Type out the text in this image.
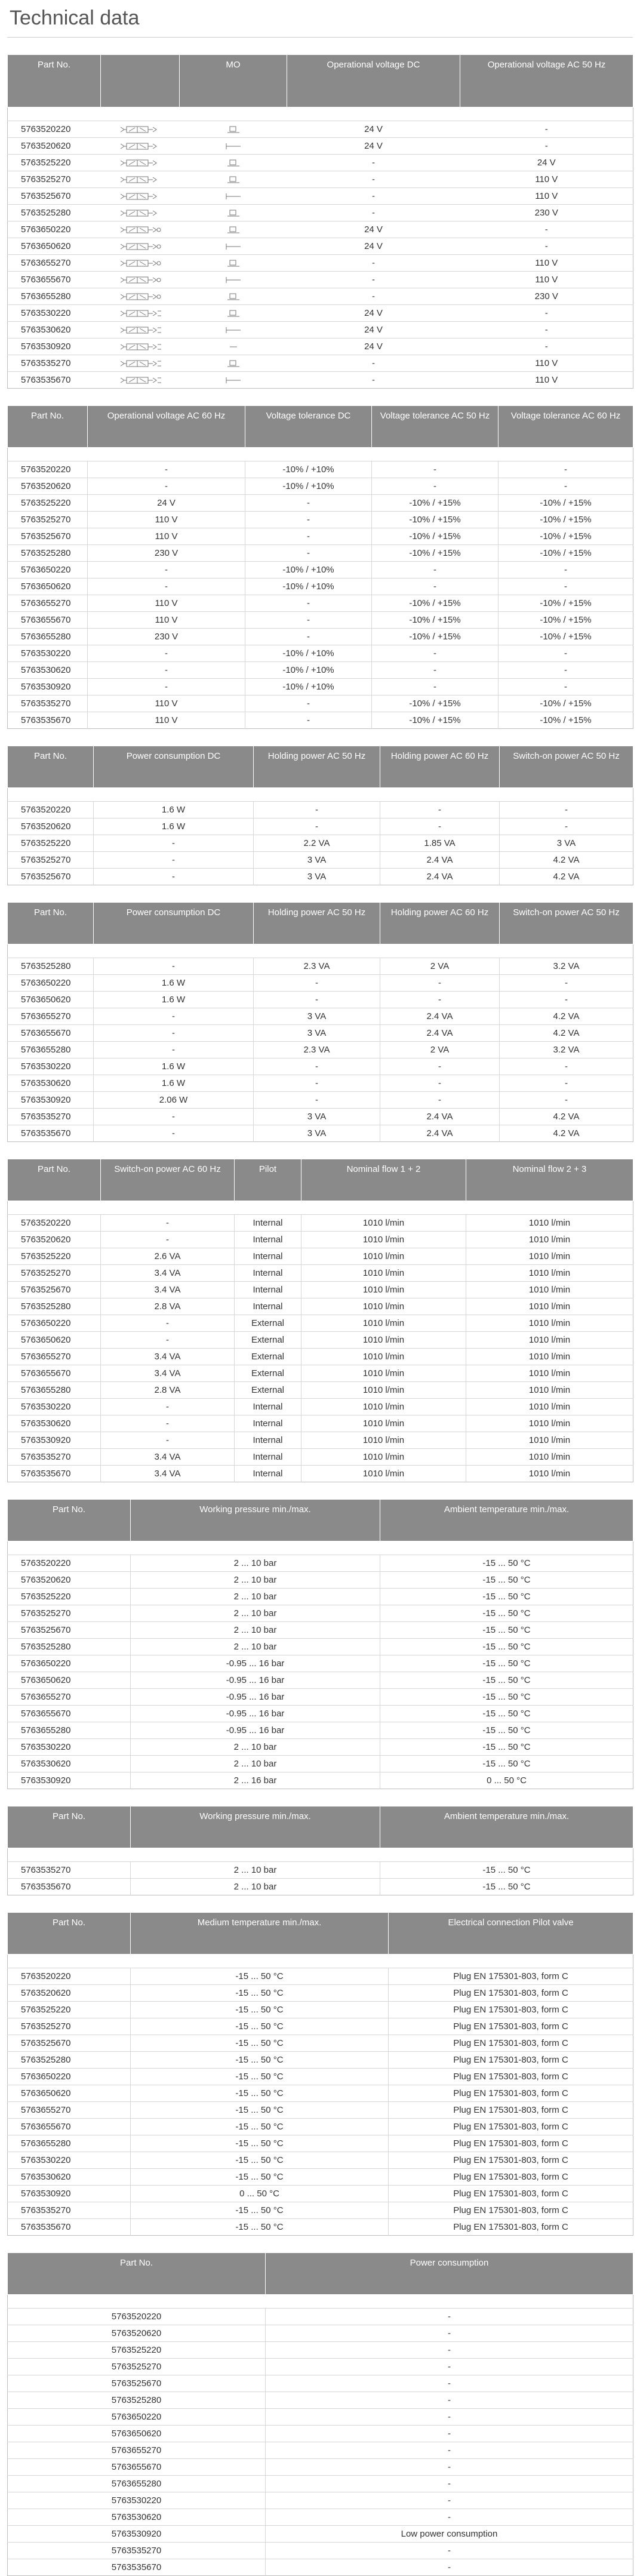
Technical data
Part No.		MO	Operational voltage DC	Operational voltage AC 50 Hz

5763520220			24 V	-
5763520620			24 V	-
5763525220			-	24 V
5763525270			-	110 V
5763525670			-	110 V
5763525280			-	230 V
5763650220			24 V	-
5763650620			24 V	-
5763655270			-	110 V
5763655670			-	110 V
5763655280			-	230 V
5763530220			24 V	-
5763530620			24 V	-
5763530920			24 V	-
5763535270			-	110 V
5763535670			-	110 V
Part No.	Operational voltage AC 60 Hz	Voltage tolerance DC	Voltage tolerance AC 50 Hz	Voltage tolerance AC 60 Hz

5763520220	-	-10% / +10%	-	-
5763520620	-	-10% / +10%	-	-
5763525220	24 V	-	-10% / +15%	-10% / +15%
5763525270	110 V	-	-10% / +15%	-10% / +15%
5763525670	110 V	-	-10% / +15%	-10% / +15%
5763525280	230 V	-	-10% / +15%	-10% / +15%
5763650220	-	-10% / +10%	-	-
5763650620	-	-10% / +10%	-	-
5763655270	110 V	-	-10% / +15%	-10% / +15%
5763655670	110 V	-	-10% / +15%	-10% / +15%
5763655280	230 V	-	-10% / +15%	-10% / +15%
5763530220	-	-10% / +10%	-	-
5763530620	-	-10% / +10%	-	-
5763530920	-	-10% / +10%	-	-
5763535270	110 V	-	-10% / +15%	-10% / +15%
5763535670	110 V	-	-10% / +15%	-10% / +15%
Part No.	Power consumption DC	Holding power AC 50 Hz	Holding power AC 60 Hz	Switch-on power AC 50 Hz

5763520220	1.6 W	-	-	-
5763520620	1.6 W	-	-	-
5763525220	-	2.2 VA	1.85 VA	3 VA
5763525270	-	3 VA	2.4 VA	4.2 VA
5763525670	-	3 VA	2.4 VA	4.2 VA
Part No.	Power consumption DC	Holding power AC 50 Hz	Holding power AC 60 Hz	Switch-on power AC 50 Hz

5763525280	-	2.3 VA	2 VA	3.2 VA
5763650220	1.6 W	-	-	-
5763650620	1.6 W	-	-	-
5763655270	-	3 VA	2.4 VA	4.2 VA
5763655670	-	3 VA	2.4 VA	4.2 VA
5763655280	-	2.3 VA	2 VA	3.2 VA
5763530220	1.6 W	-	-	-
5763530620	1.6 W	-	-	-
5763530920	2.06 W	-	-	-
5763535270	-	3 VA	2.4 VA	4.2 VA
5763535670	-	3 VA	2.4 VA	4.2 VA
Part No.	Switch-on power AC 60 Hz	Pilot	Nominal flow 1 + 2	Nominal flow 2 + 3

5763520220	-	Internal	1010 l/min	1010 l/min
5763520620	-	Internal	1010 l/min	1010 l/min
5763525220	2.6 VA	Internal	1010 l/min	1010 l/min
5763525270	3.4 VA	Internal	1010 l/min	1010 l/min
5763525670	3.4 VA	Internal	1010 l/min	1010 l/min
5763525280	2.8 VA	Internal	1010 l/min	1010 l/min
5763650220	-	External	1010 l/min	1010 l/min
5763650620	-	External	1010 l/min	1010 l/min
5763655270	3.4 VA	External	1010 l/min	1010 l/min
5763655670	3.4 VA	External	1010 l/min	1010 l/min
5763655280	2.8 VA	External	1010 l/min	1010 l/min
5763530220	-	Internal	1010 l/min	1010 l/min
5763530620	-	Internal	1010 l/min	1010 l/min
5763530920	-	Internal	1010 l/min	1010 l/min
5763535270	3.4 VA	Internal	1010 l/min	1010 l/min
5763535670	3.4 VA	Internal	1010 l/min	1010 l/min
Part No.	Working pressure min./max.	Ambient temperature min./max.

5763520220	2 ... 10 bar	-15 ... 50 °C
5763520620	2 ... 10 bar	-15 ... 50 °C
5763525220	2 ... 10 bar	-15 ... 50 °C
5763525270	2 ... 10 bar	-15 ... 50 °C
5763525670	2 ... 10 bar	-15 ... 50 °C
5763525280	2 ... 10 bar	-15 ... 50 °C
5763650220	-0.95 ... 16 bar	-15 ... 50 °C
5763650620	-0.95 ... 16 bar	-15 ... 50 °C
5763655270	-0.95 ... 16 bar	-15 ... 50 °C
5763655670	-0.95 ... 16 bar	-15 ... 50 °C
5763655280	-0.95 ... 16 bar	-15 ... 50 °C
5763530220	2 ... 10 bar	-15 ... 50 °C
5763530620	2 ... 10 bar	-15 ... 50 °C
5763530920	2 ... 16 bar	0 ... 50 °C
Part No.	Working pressure min./max.	Ambient temperature min./max.

5763535270	2 ... 10 bar	-15 ... 50 °C
5763535670	2 ... 10 bar	-15 ... 50 °C
Part No.	Medium temperature min./max.	Electrical connection Pilot valve

5763520220	-15 ... 50 °C	Plug EN 175301-803, form C
5763520620	-15 ... 50 °C	Plug EN 175301-803, form C
5763525220	-15 ... 50 °C	Plug EN 175301-803, form C
5763525270	-15 ... 50 °C	Plug EN 175301-803, form C
5763525670	-15 ... 50 °C	Plug EN 175301-803, form C
5763525280	-15 ... 50 °C	Plug EN 175301-803, form C
5763650220	-15 ... 50 °C	Plug EN 175301-803, form C
5763650620	-15 ... 50 °C	Plug EN 175301-803, form C
5763655270	-15 ... 50 °C	Plug EN 175301-803, form C
5763655670	-15 ... 50 °C	Plug EN 175301-803, form C
5763655280	-15 ... 50 °C	Plug EN 175301-803, form C
5763530220	-15 ... 50 °C	Plug EN 175301-803, form C
5763530620	-15 ... 50 °C	Plug EN 175301-803, form C
5763530920	0 ... 50 °C	Plug EN 175301-803, form C
5763535270	-15 ... 50 °C	Plug EN 175301-803, form C
5763535670	-15 ... 50 °C	Plug EN 175301-803, form C
Part No.	Power consumption

5763520220	-
5763520620	-
5763525220	-
5763525270	-
5763525670	-
5763525280	-
5763650220	-
5763650620	-
5763655270	-
5763655670	-
5763655280	-
5763530220	-
5763530620	-
5763530920	Low power consumption
5763535270	-
5763535670	-
